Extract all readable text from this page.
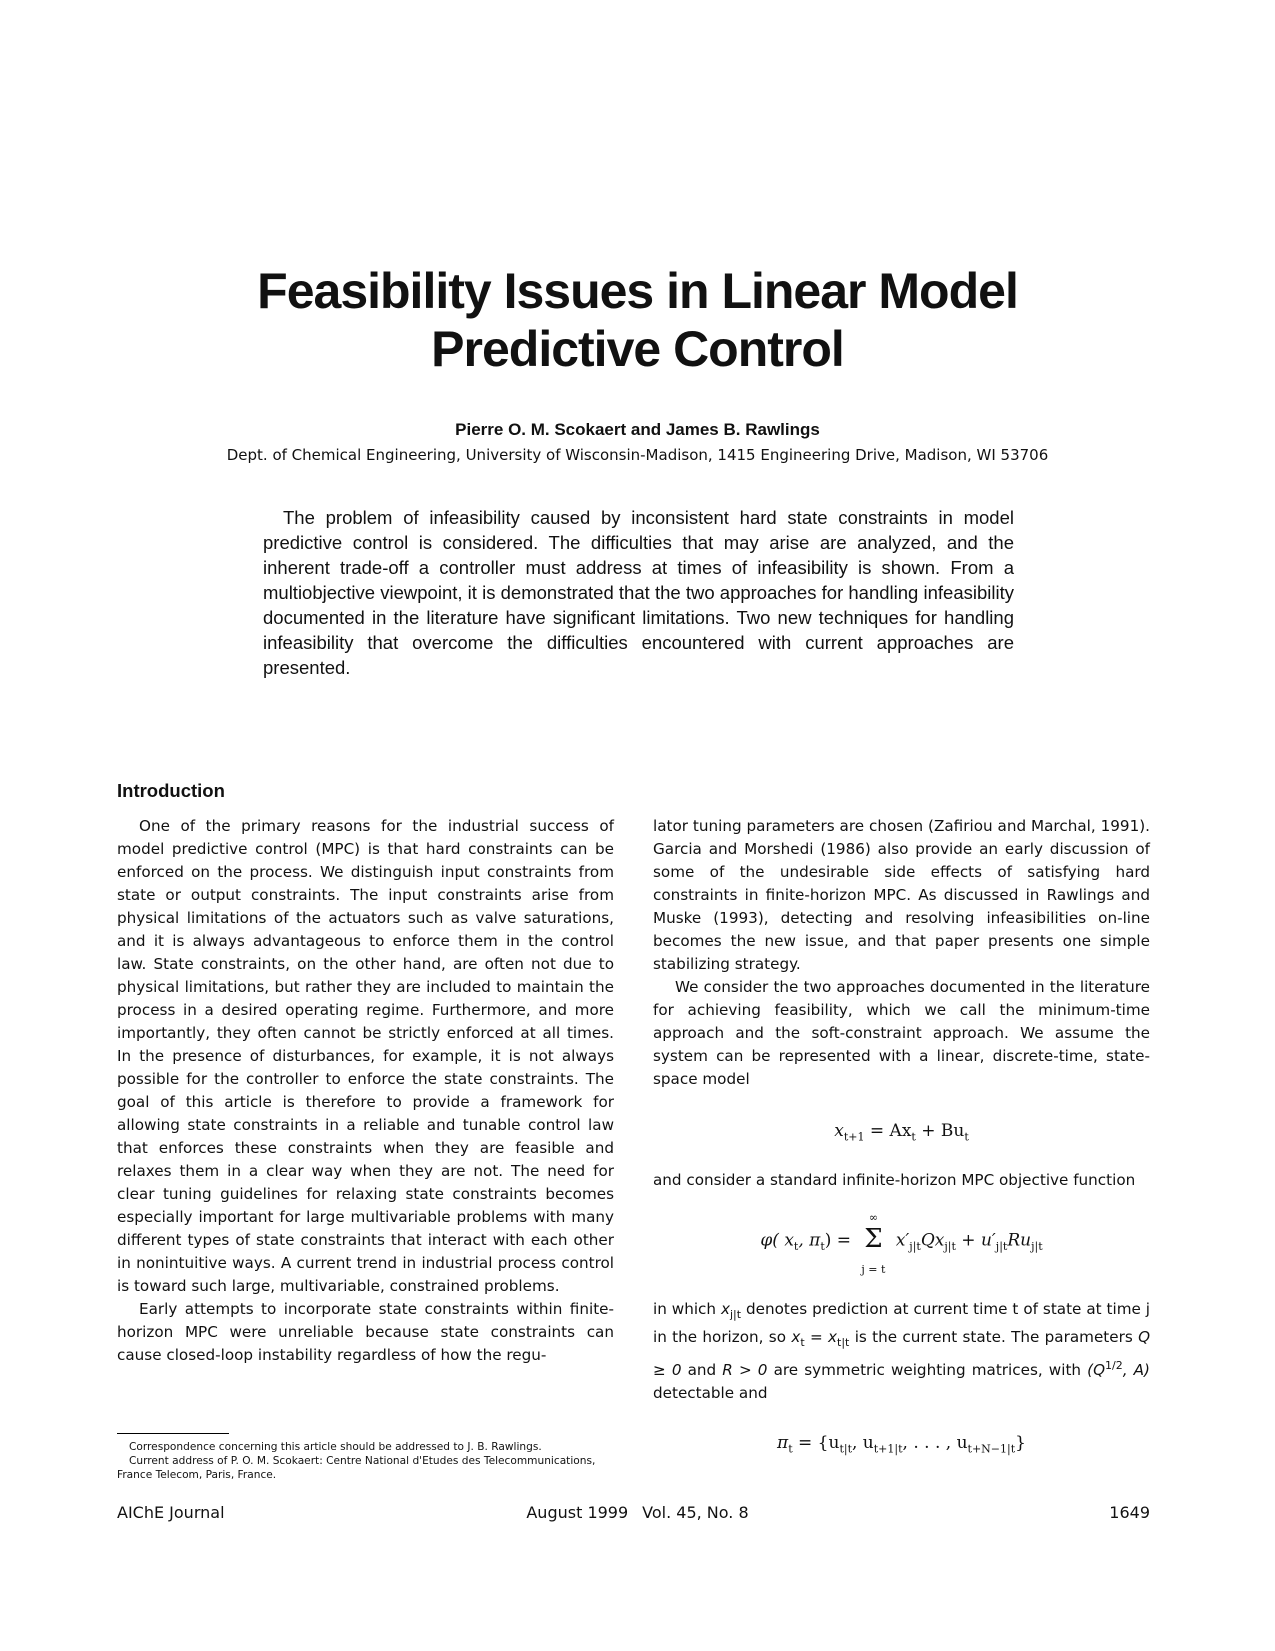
Feasibility Issues in Linear Model
Predictive Control
Pierre O. M. Scokaert and James B. Rawlings
Dept. of Chemical Engineering, University of Wisconsin-Madison, 1415 Engineering Drive, Madison, WI 53706

The problem of infeasibility caused by inconsistent hard state constraints in model predictive control is considered. The difficulties that may arise are analyzed, and the inherent trade-off a controller must address at times of infeasibility is shown. From a multiobjective viewpoint, it is demonstrated that the two approaches for handling infeasibility documented in the literature have significant limitations. Two new techniques for handling infeasibility that overcome the difficulties encountered with current approaches are presented.

Introduction

One of the primary reasons for the industrial success of model predictive control (MPC) is that hard constraints can be enforced on the process. We distinguish input constraints from state or output constraints. The input constraints arise from physical limitations of the actuators such as valve saturations, and it is always advantageous to enforce them in the control law. State constraints, on the other hand, are often not due to physical limitations, but rather they are included to maintain the process in a desired operating regime. Furthermore, and more importantly, they often cannot be strictly enforced at all times. In the presence of disturbances, for example, it is not always possible for the controller to enforce the state constraints. The goal of this article is therefore to provide a framework for allowing state constraints in a reliable and tunable control law that enforces these constraints when they are feasible and relaxes them in a clear way when they are not. The need for clear tuning guidelines for relaxing state constraints becomes especially important for large multivariable problems with many different types of state constraints that interact with each other in nonintuitive ways. A current trend in industrial process control is toward such large, multivariable, constrained problems.

Early attempts to incorporate state constraints within finite-horizon MPC were unreliable because state constraints can cause closed-loop instability regardless of how the regu-

lator tuning parameters are chosen (Zafiriou and Marchal, 1991). Garcia and Morshedi (1986) also provide an early discussion of some of the undesirable side effects of satisfying hard constraints in finite-horizon MPC. As discussed in Rawlings and Muske (1993), detecting and resolving infeasibilities on-line becomes the new issue, and that paper presents one simple stabilizing strategy.

We consider the two approaches documented in the literature for achieving feasibility, which we call the minimum-time approach and the soft-constraint approach. We assume the system can be represented with a linear, discrete-time, state-space model

$x_{t+1} = Ax_t + Bu_t$

and consider a standard infinite-horizon MPC objective function

φ( $x_t$, $\pi_t$) =
∞
Σ
j = t
$x'_{j|t}Qx_{j|t} + u'_{j|t}Ru_{j|t}$

in which $x_{j|t}$ denotes prediction at current time t of state at time j in the horizon, so $x_t = x_{t|t}$ is the current state. The parameters Q ≥ 0 and R > 0 are symmetric weighting matrices, with ($Q^{1/2}$, A) detectable and

$\pi_t = \{u_{t|t}$, $u_{t+1|t}$, . . . , $u_{t+N-1|t}$}

Correspondence concerning this article should be addressed to J. B. Rawlings.

Current address of P. O. M. Scokaert: Centre National d'Etudes des Telecommunications, France Telecom, Paris, France.

AIChE Journal	August 1999 Vol. 45, No. 8	1649
